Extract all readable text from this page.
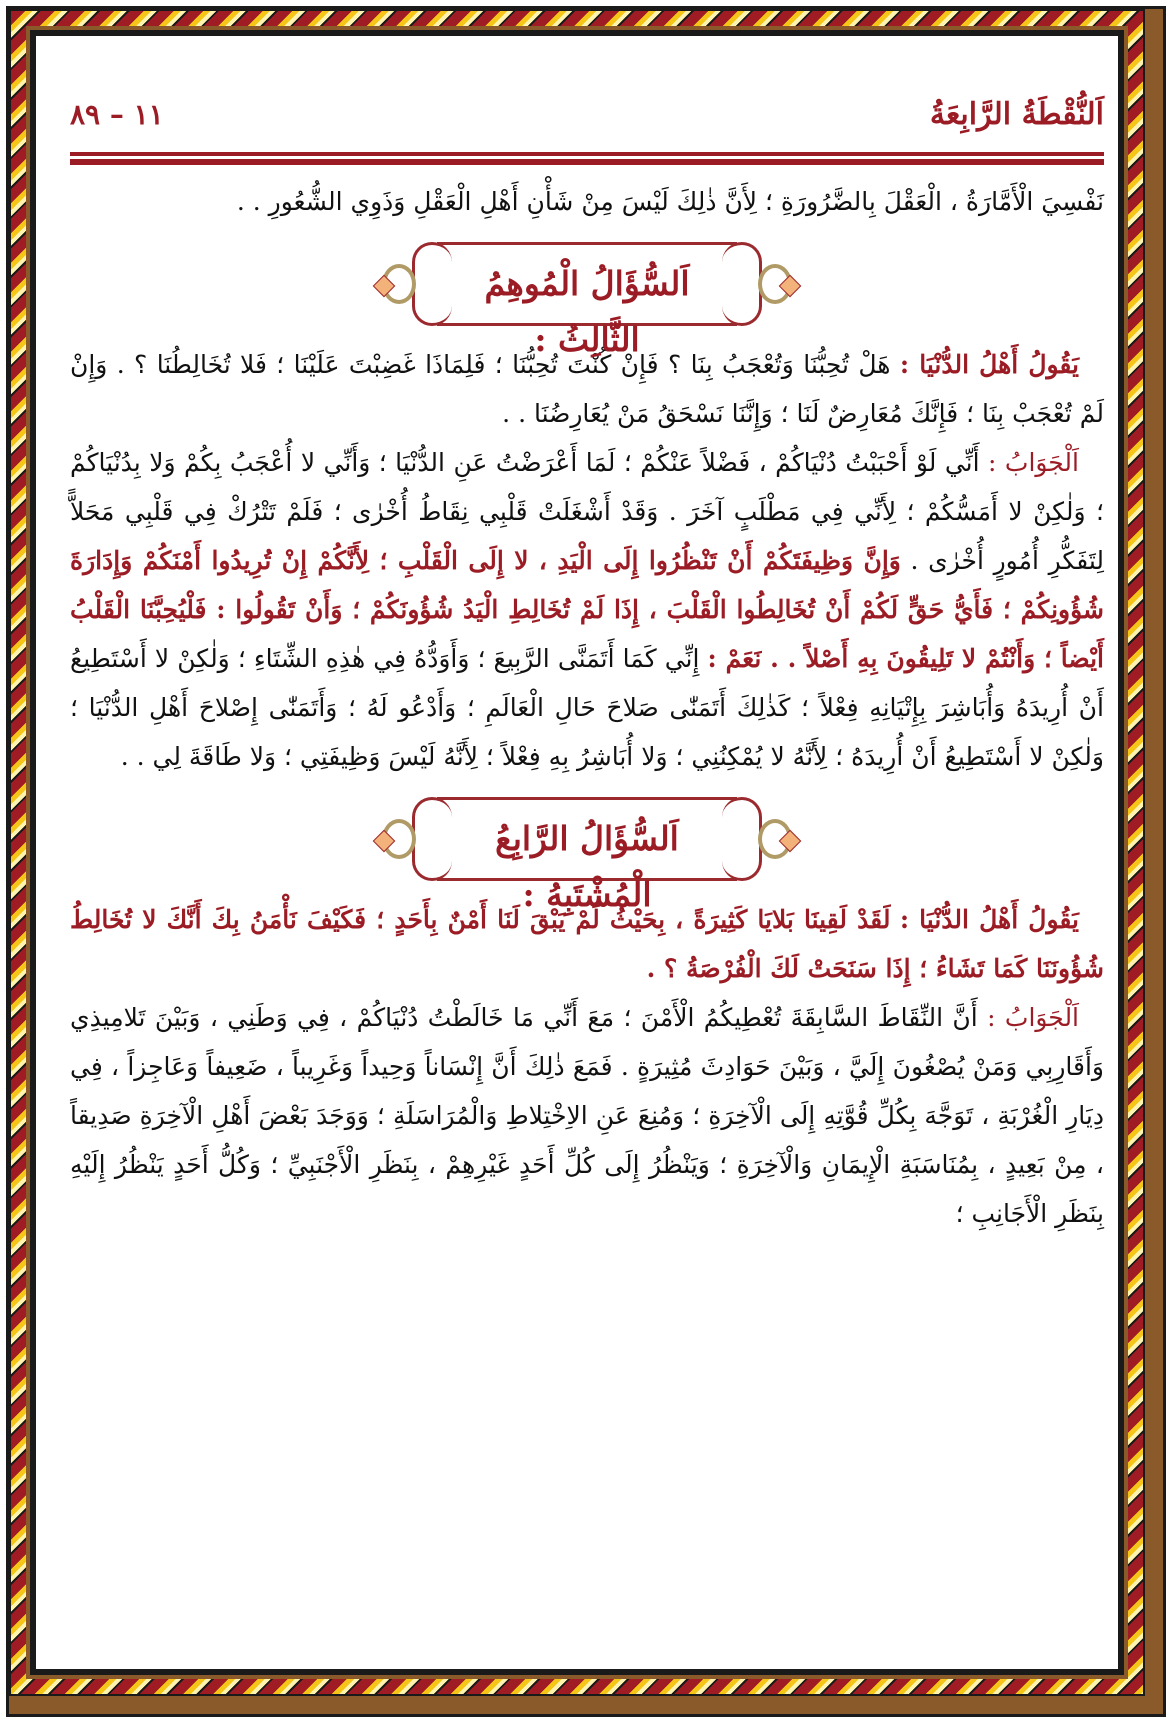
اَلنُّقْطَةُ الرَّابِعَةُ
١١ – ٨٩

نَفْسِيَ الْأَمَّارَةُ ، الْعَقْلَ بِالضَّرُورَةِ ؛ لِأَنَّ ذٰلِكَ لَيْسَ مِنْ شَأْنِ أَهْلِ الْعَقْلِ وَذَوِي الشُّعُورِ . .

اَلسُّؤَالُ الْمُوهِمُ الثَّالِثُ :

 يَقُولُ أَهْلُ الدُّنْيَا : هَلْ تُحِبُّنَا وَتُعْجَبُ بِنَا ؟ فَإِنْ كُنْتَ تُحِبُّنَا ؛ فَلِمَاذَا غَضِبْتَ عَلَيْنَا ؛ فَلا تُخَالِطُنَا ؟ . وَإِنْ لَمْ تُعْجَبْ بِنَا ؛ فَإِنَّكَ مُعَارِضٌ لَنَا ؛ وَإِنَّنَا نَسْحَقُ مَنْ يُعَارِضُنَا . .

 اَلْجَوَابُ : أَنِّي لَوْ أَحْبَبْتُ دُنْيَاكُمْ ، فَضْلاً عَنْكُمْ ؛ لَمَا أَعْرَضْتُ عَنِ الدُّنْيَا ؛ وَأَنِّي لا أُعْجَبُ بِكُمْ وَلا بِدُنْيَاكُمْ ؛ وَلٰكِنْ لا أَمَسُّكُمْ ؛ لِأَنِّي فِي مَطْلَبٍ آخَرَ . وَقَدْ أَشْغَلَتْ قَلْبِي نِقَاطُ أُخْرٰى ؛ فَلَمْ تَتْرُكْ فِي قَلْبِي مَحَلاًّ لِتَفَكُّرِ أُمُورٍ أُخْرٰى . وَإِنَّ وَظِيفَتَكُمْ أَنْ تَنْظُرُوا إِلَى الْيَدِ ، لا إِلَى الْقَلْبِ ؛ لِأَنَّكُمْ إِنْ تُرِيدُوا أَمْنَكُمْ وَإِدَارَةَ شُؤُونِكُمْ ؛ فَأَيُّ حَقٍّ لَكُمْ أَنْ تُخَالِطُوا الْقَلْبَ ، إِذَا لَمْ تُخَالِطِ الْيَدُ شُؤُونَكُمْ ؛ وَأَنْ تَقُولُوا : فَلْيُحِبَّنَا الْقَلْبُ أَيْضاً ؛ وَأَنْتُمْ لا تَلِيقُونَ بِهِ أَصْلاً . . نَعَمْ : إِنِّي كَمَا أَتَمَنَّى الرَّبِيعَ ؛ وَأَوَدُّهُ فِي هٰذِهِ الشِّتَاءِ ؛ وَلٰكِنْ لا أَسْتَطِيعُ أَنْ أُرِيدَهُ وَأُبَاشِرَ بِإِتْيَانِهِ فِعْلاً ؛ كَذٰلِكَ أَتَمَنّٰى صَلاحَ حَالِ الْعَالَمِ ؛ وَأَدْعُو لَهُ ؛ وَأَتَمَنّٰى إِصْلاحَ أَهْلِ الدُّنْيَا ؛ وَلٰكِنْ لا أَسْتَطِيعُ أَنْ أُرِيدَهُ ؛ لِأَنَّهُ لا يُمْكِنُنِي ؛ وَلا أُبَاشِرُ بِهِ فِعْلاً ؛ لِأَنَّهُ لَيْسَ وَظِيفَتِي ؛ وَلا طَاقَةَ لِي . .

اَلسُّؤَالُ الرَّابِعُ الْمُشْتَبِهُ :

 يَقُولُ أَهْلُ الدُّنْيَا : لَقَدْ لَقِينَا بَلايَا كَثِيرَةً ، بِحَيْثُ لَمْ يَبْقَ لَنَا أَمْنٌ بِأَحَدٍ ؛ فَكَيْفَ نَأْمَنُ بِكَ أَنَّكَ لا تُخَالِطُ شُؤُونَنَا كَمَا تَشَاءُ ؛ إِذَا سَنَحَتْ لَكَ الْفُرْصَةُ ؟ .

 اَلْجَوَابُ : أَنَّ النِّقَاطَ السَّابِقَةَ تُعْطِيكُمُ الْأَمْنَ ؛ مَعَ أَنِّي مَا خَالَطْتُ دُنْيَاكُمْ ، فِي وَطَنِي ، وَبَيْنَ تَلامِيذِي وَأَقَارِبِي وَمَنْ يُصْغُونَ إِلَيَّ ، وَبَيْنَ حَوَادِثَ مُثِيرَةٍ . فَمَعَ ذٰلِكَ أَنَّ إِنْسَاناً وَحِيداً وَغَرِيباً ، ضَعِيفاً وَعَاجِزاً ، فِي دِيَارِ الْغُرْبَةِ ، تَوَجَّهَ بِكُلِّ قُوَّتِهِ إِلَى الْآخِرَةِ ؛ وَمُنِعَ عَنِ الاِخْتِلاطِ وَالْمُرَاسَلَةِ ؛ وَوَجَدَ بَعْضَ أَهْلِ الْآخِرَةِ صَدِيقاً ، مِنْ بَعِيدٍ ، بِمُنَاسَبَةِ الْإِيمَانِ وَالْآخِرَةِ ؛ وَيَنْظُرُ إِلَى كُلِّ أَحَدٍ غَيْرِهِمْ ، بِنَظَرِ الْأَجْنَبِيِّ ؛ وَكُلُّ أَحَدٍ يَنْظُرُ إِلَيْهِ بِنَظَرِ الْأَجَانِبِ ؛
